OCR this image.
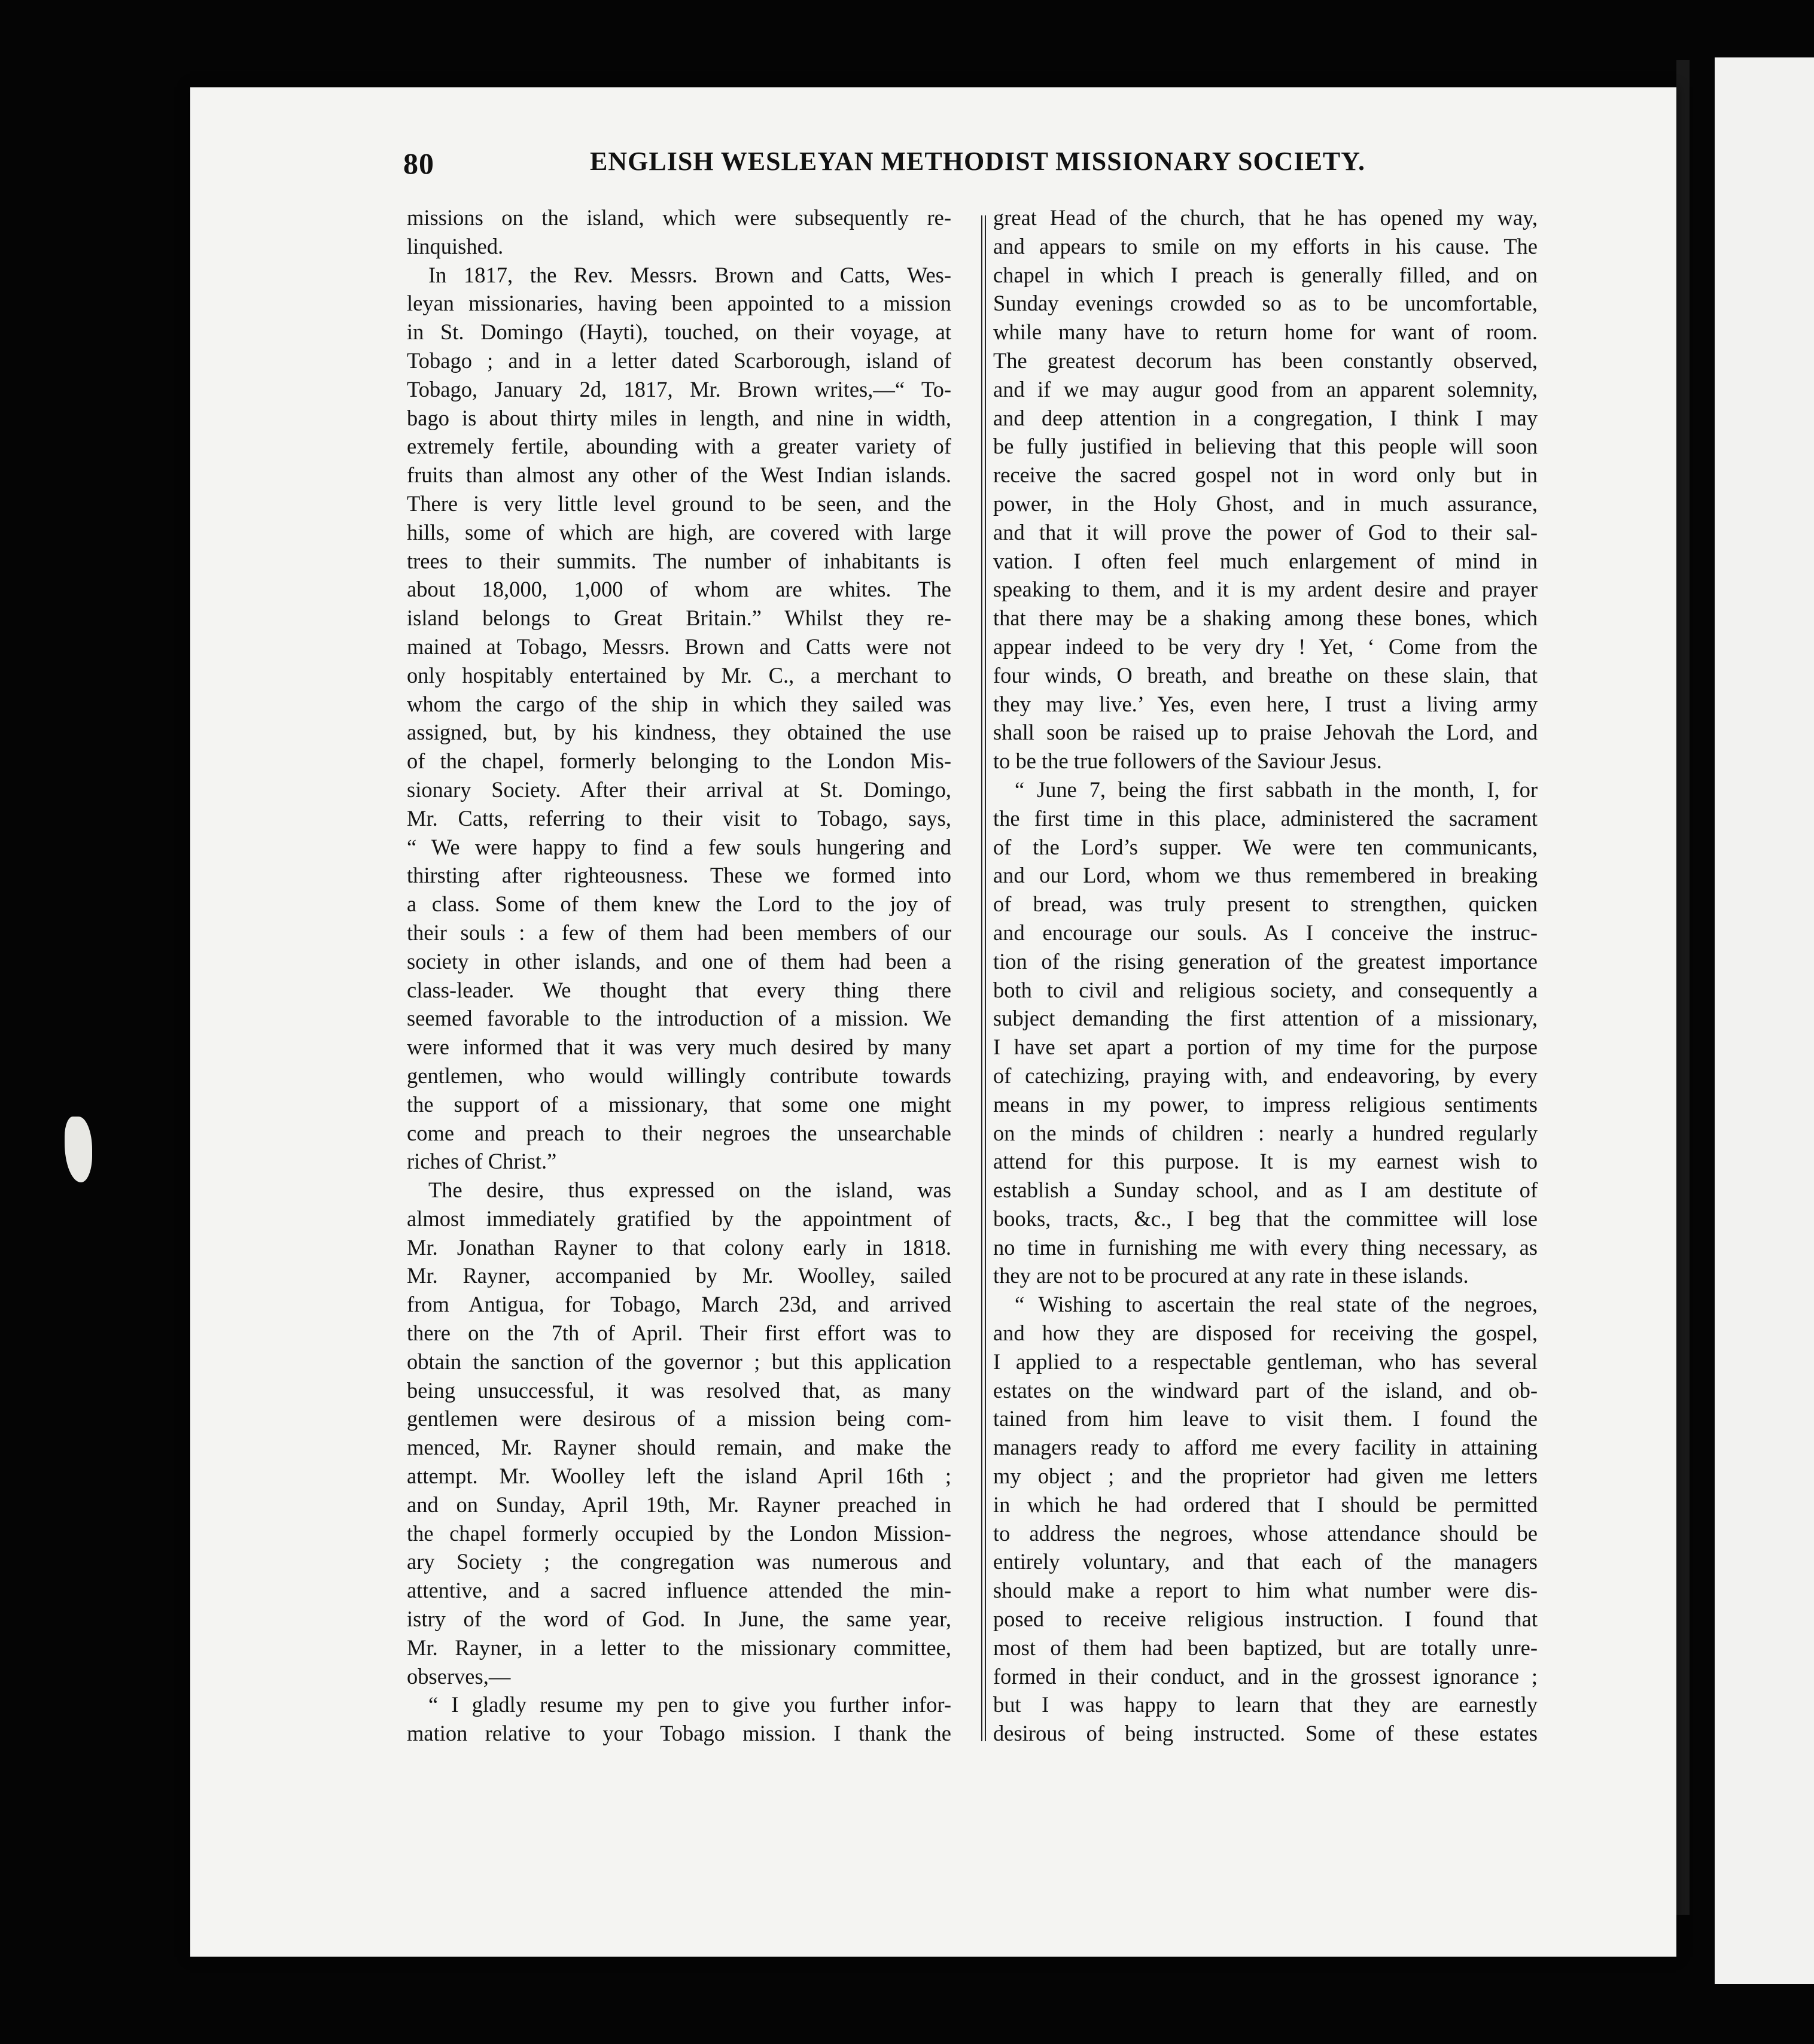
80	ENGLISH WESLEYAN METHODIST MISSIONARY SOCIETY.
missions on the island, which were subsequently re-
linquished.
In 1817, the Rev. Messrs. Brown and Catts, Wes-
leyan missionaries, having been appointed to a mission
in St. Domingo (Hayti), touched, on their voyage, at
Tobago ; and in a letter dated Scarborough, island of
Tobago, January 2d, 1817, Mr. Brown writes,—“ To-
bago is about thirty miles in length, and nine in width,
extremely fertile, abounding with a greater variety of
fruits than almost any other of the West Indian islands.
There is very little level ground to be seen, and the
hills, some of which are high, are covered with large
trees to their summits. The number of inhabitants is
about 18,000, 1,000 of whom are whites. The
island belongs to Great Britain.” Whilst they re-
mained at Tobago, Messrs. Brown and Catts were not
only hospitably entertained by Mr. C., a merchant to
whom the cargo of the ship in which they sailed was
assigned, but, by his kindness, they obtained the use
of the chapel, formerly belonging to the London Mis-
sionary Society. After their arrival at St. Domingo,
Mr. Catts, referring to their visit to Tobago, says,
“ We were happy to find a few souls hungering and
thirsting after righteousness. These we formed into
a class. Some of them knew the Lord to the joy of
their souls : a few of them had been members of our
society in other islands, and one of them had been a
class-leader. We thought that every thing there
seemed favorable to the introduction of a mission. We
were informed that it was very much desired by many
gentlemen, who would willingly contribute towards
the support of a missionary, that some one might
come and preach to their negroes the unsearchable
riches of Christ.”
The desire, thus expressed on the island, was
almost immediately gratified by the appointment of
Mr. Jonathan Rayner to that colony early in 1818.
Mr. Rayner, accompanied by Mr. Woolley, sailed
from Antigua, for Tobago, March 23d, and arrived
there on the 7th of April. Their first effort was to
obtain the sanction of the governor ; but this application
being unsuccessful, it was resolved that, as many
gentlemen were desirous of a mission being com-
menced, Mr. Rayner should remain, and make the
attempt. Mr. Woolley left the island April 16th ;
and on Sunday, April 19th, Mr. Rayner preached in
the chapel formerly occupied by the London Mission-
ary Society ; the congregation was numerous and
attentive, and a sacred influence attended the min-
istry of the word of God. In June, the same year,
Mr. Rayner, in a letter to the missionary committee,
observes,—
“ I gladly resume my pen to give you further infor-
mation relative to your Tobago mission. I thank the
great Head of the church, that he has opened my way,
and appears to smile on my efforts in his cause. The
chapel in which I preach is generally filled, and on
Sunday evenings crowded so as to be uncomfortable,
while many have to return home for want of room.
The greatest decorum has been constantly observed,
and if we may augur good from an apparent solemnity,
and deep attention in a congregation, I think I may
be fully justified in believing that this people will soon
receive the sacred gospel not in word only but in
power, in the Holy Ghost, and in much assurance,
and that it will prove the power of God to their sal-
vation. I often feel much enlargement of mind in
speaking to them, and it is my ardent desire and prayer
that there may be a shaking among these bones, which
appear indeed to be very dry ! Yet, ‘ Come from the
four winds, O breath, and breathe on these slain, that
they may live.’ Yes, even here, I trust a living army
shall soon be raised up to praise Jehovah the Lord, and
to be the true followers of the Saviour Jesus.
“ June 7, being the first sabbath in the month, I, for
the first time in this place, administered the sacrament
of the Lord’s supper. We were ten communicants,
and our Lord, whom we thus remembered in breaking
of bread, was truly present to strengthen, quicken
and encourage our souls. As I conceive the instruc-
tion of the rising generation of the greatest importance
both to civil and religious society, and consequently a
subject demanding the first attention of a missionary,
I have set apart a portion of my time for the purpose
of catechizing, praying with, and endeavoring, by every
means in my power, to impress religious sentiments
on the minds of children : nearly a hundred regularly
attend for this purpose. It is my earnest wish to
establish a Sunday school, and as I am destitute of
books, tracts, &c., I beg that the committee will lose
no time in furnishing me with every thing necessary, as
they are not to be procured at any rate in these islands.
“ Wishing to ascertain the real state of the negroes,
and how they are disposed for receiving the gospel,
I applied to a respectable gentleman, who has several
estates on the windward part of the island, and ob-
tained from him leave to visit them. I found the
managers ready to afford me every facility in attaining
my object ; and the proprietor had given me letters
in which he had ordered that I should be permitted
to address the negroes, whose attendance should be
entirely voluntary, and that each of the managers
should make a report to him what number were dis-
posed to receive religious instruction. I found that
most of them had been baptized, but are totally unre-
formed in their conduct, and in the grossest ignorance ;
but I was happy to learn that they are earnestly
desirous of being instructed. Some of these estates
